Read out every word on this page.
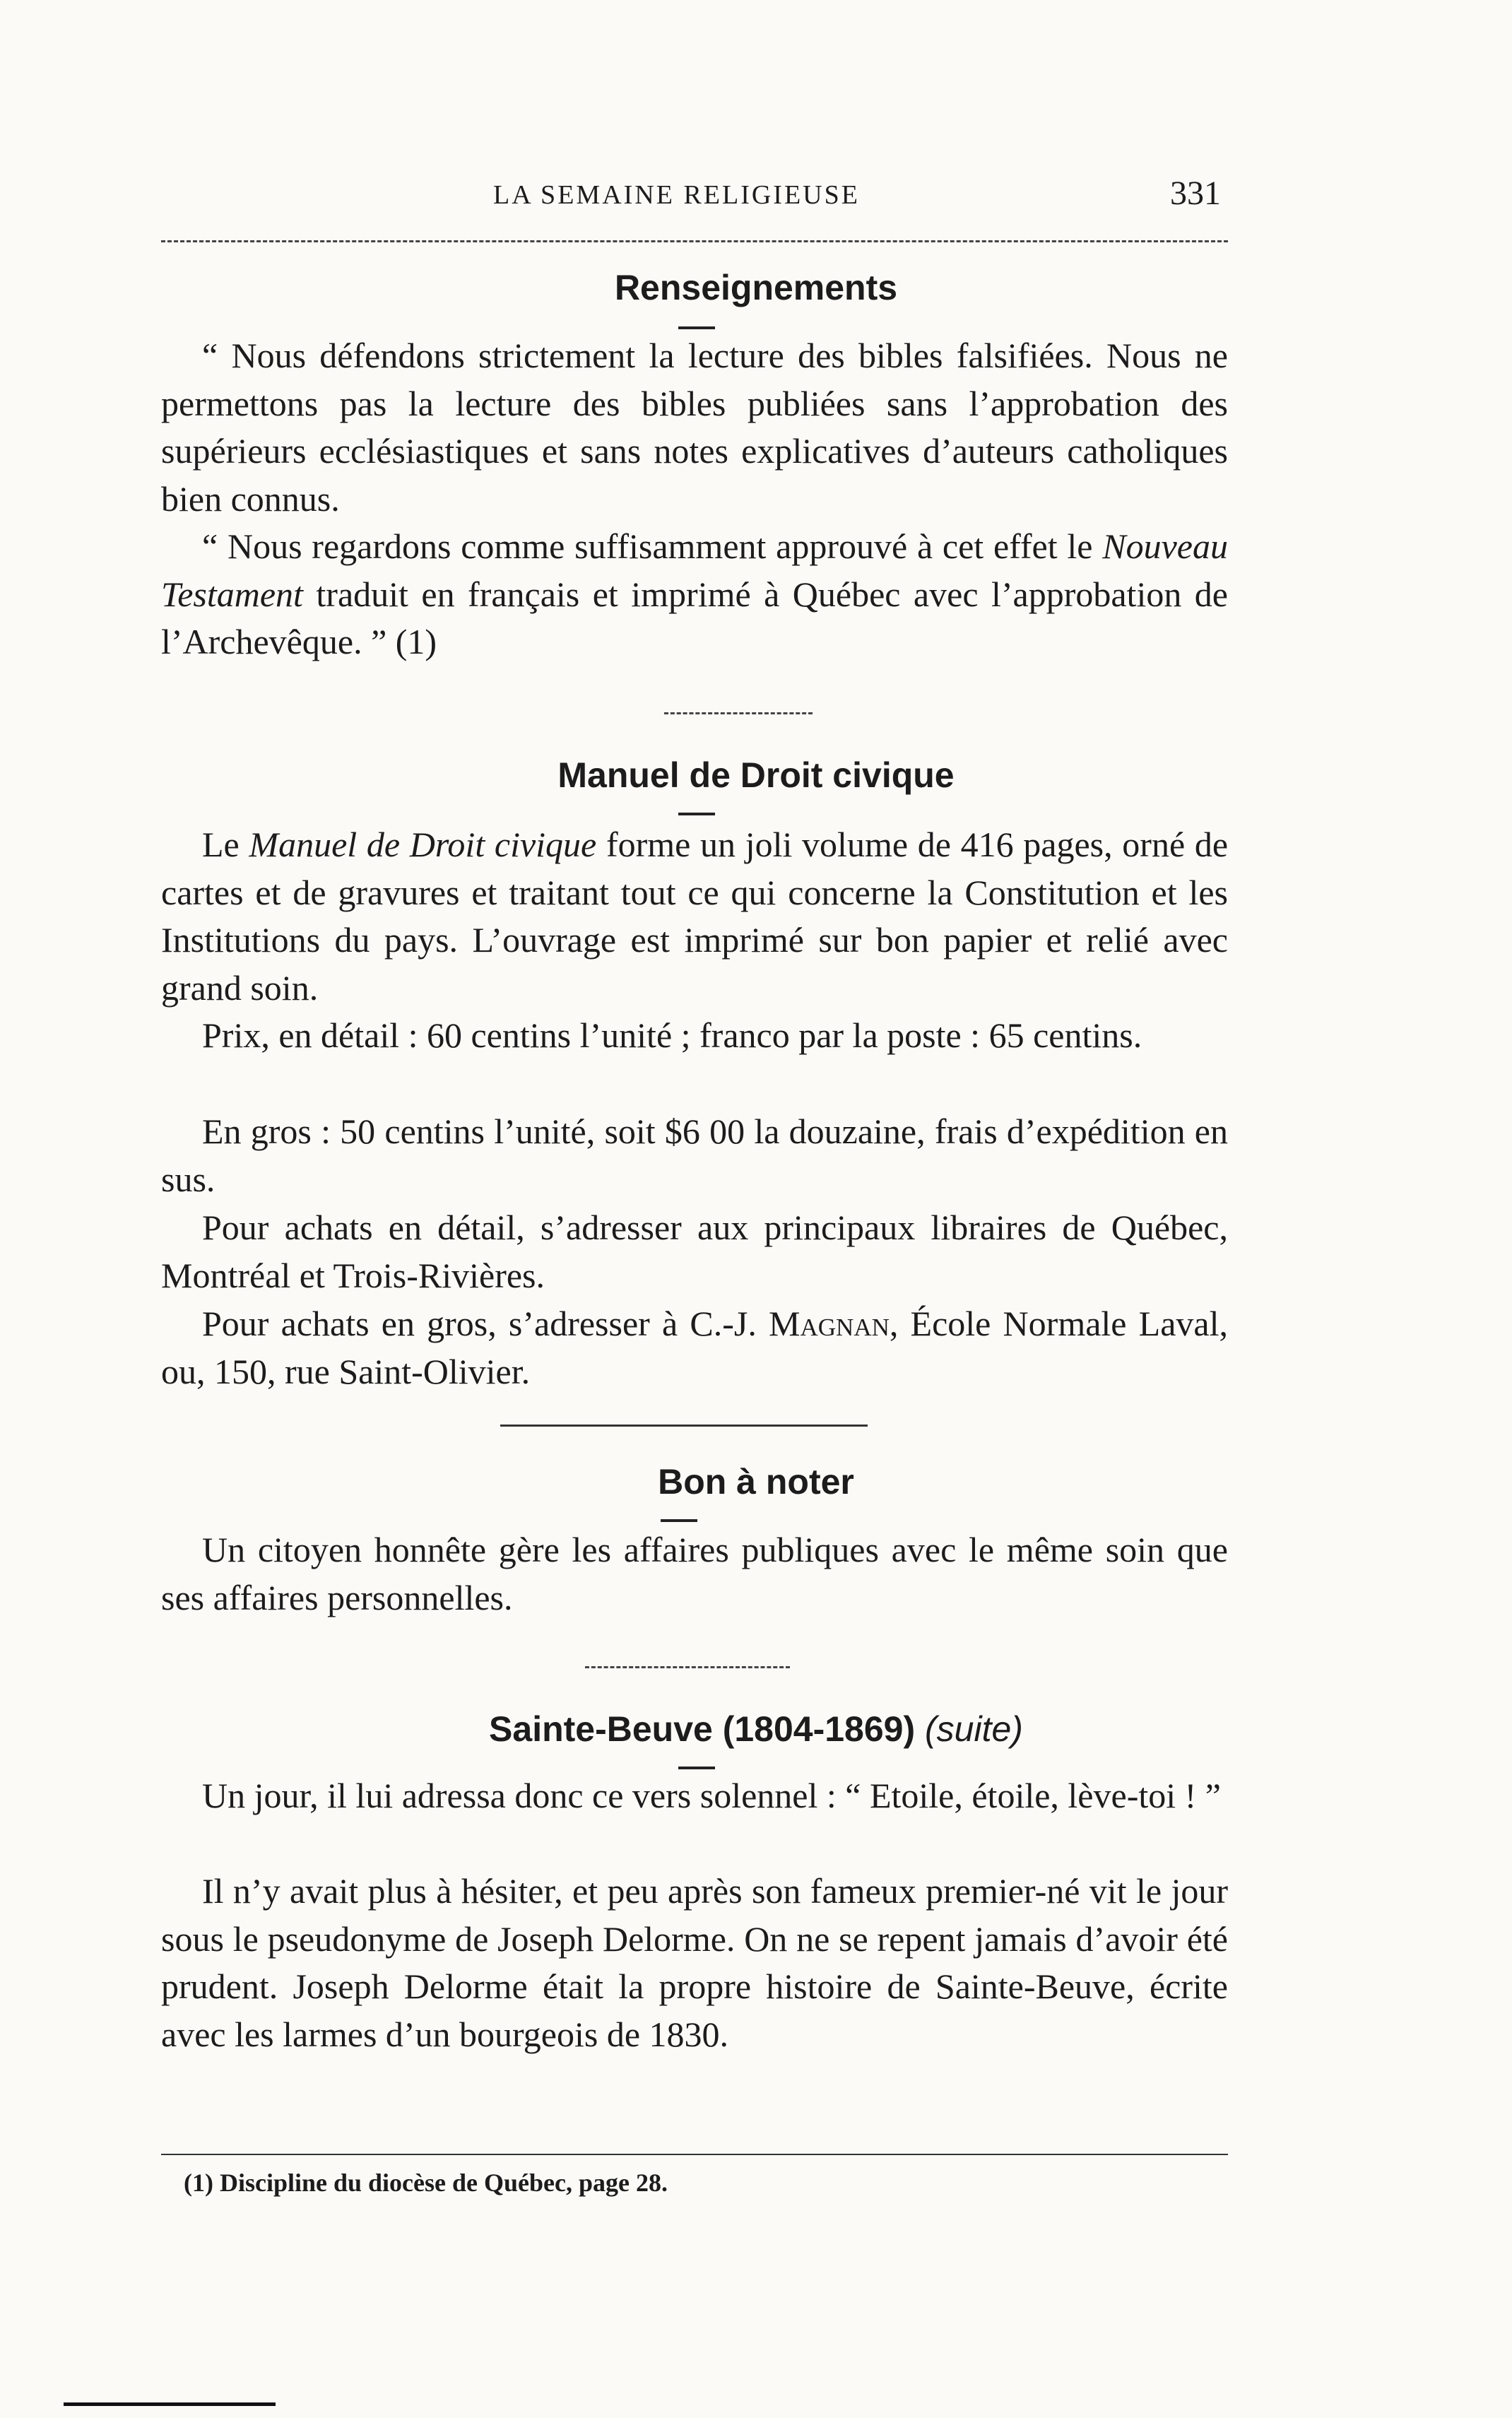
LA SEMAINE RELIGIEUSE	331
Renseignements

“ Nous défendons strictement la lecture des bibles falsifiées. Nous ne permettons pas la lecture des bibles publiées sans l’approbation des supérieurs ecclésiastiques et sans notes explicatives d’auteurs catholiques bien connus.

“ Nous regardons comme suffisamment approuvé à cet effet le Nouveau Testament traduit en français et imprimé à Québec avec l’approbation de l’Archevêque. ” (1)

Manuel de Droit civique

Le Manuel de Droit civique forme un joli volume de 416 pages, orné de cartes et de gravures et traitant tout ce qui concerne la Constitution et les Institutions du pays. L’ouvrage est imprimé sur bon papier et relié avec grand soin.

Prix, en détail : 60 centins l’unité ; franco par la poste : 65 centins.

En gros : 50 centins l’unité, soit $6 00 la douzaine, frais d’expédition en sus.

Pour achats en détail, s’adresser aux principaux libraires de Québec, Montréal et Trois-Rivières.

Pour achats en gros, s’adresser à C.-J. Magnan, École Normale Laval, ou, 150, rue Saint-Olivier.

Bon à noter

Un citoyen honnête gère les affaires publiques avec le même soin que ses affaires personnelles.

Sainte-Beuve (1804-1869) (suite)

Un jour, il lui adressa donc ce vers solennel : “ Etoile, étoile, lève-toi ! ”

Il n’y avait plus à hésiter, et peu après son fameux premier-né vit le jour sous le pseudonyme de Joseph Delorme. On ne se repent jamais d’avoir été prudent. Joseph Delorme était la propre histoire de Sainte-Beuve, écrite avec les larmes d’un bourgeois de 1830.

(1) Discipline du diocèse de Québec, page 28.
